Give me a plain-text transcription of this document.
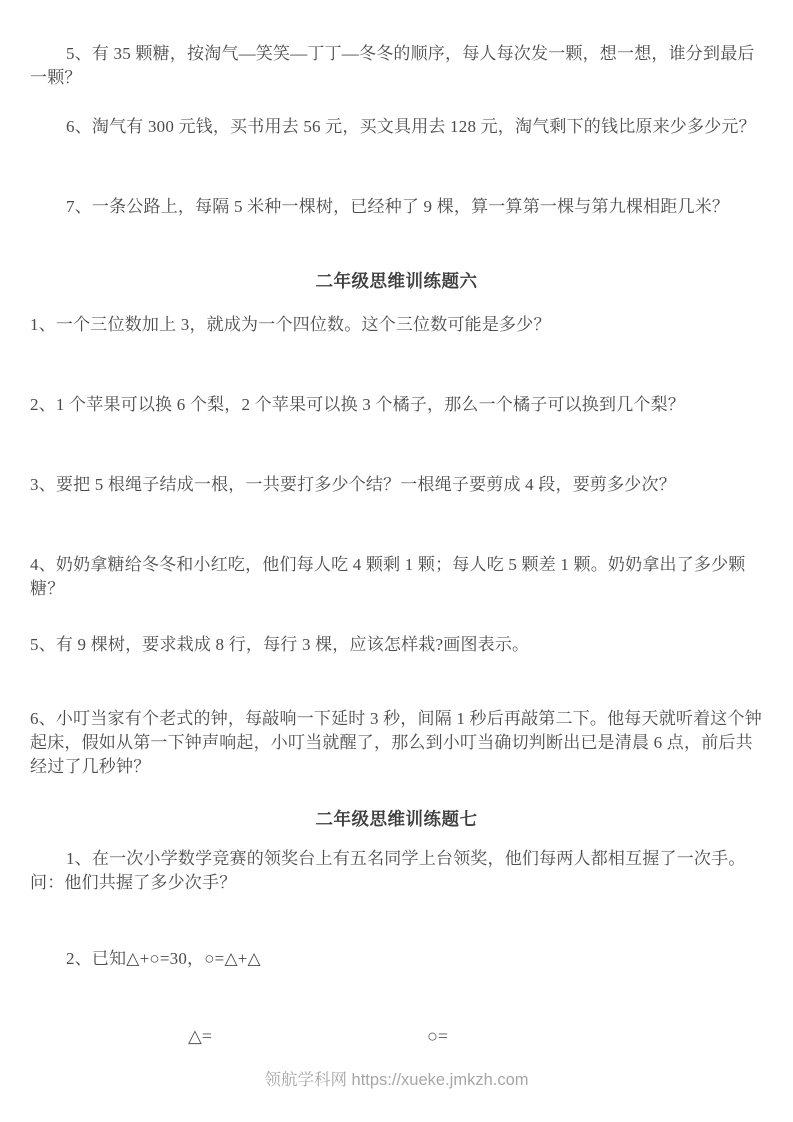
5、有 35 颗糖，按淘气—笑笑—丁丁—冬冬的顺序，每人每次发一颗，想一想，谁分到最后一颗？
6、淘气有 300 元钱，买书用去 56 元，买文具用去 128 元，淘气剩下的钱比原来少多少元？
7、一条公路上，每隔 5 米种一棵树，已经种了 9 棵，算一算第一棵与第九棵相距几米？
二年级思维训练题六
1、一个三位数加上 3，就成为一个四位数。这个三位数可能是多少？
2、1 个苹果可以换 6 个梨，2 个苹果可以换 3 个橘子，那么一个橘子可以换到几个梨？
3、要把 5 根绳子结成一根，一共要打多少个结？一根绳子要剪成 4 段，要剪多少次？
4、奶奶拿糖给冬冬和小红吃，他们每人吃 4 颗剩 1 颗；每人吃 5 颗差 1 颗。奶奶拿出了多少颗糖？
5、有 9 棵树，要求栽成 8 行，每行 3 棵，应该怎样栽?画图表示。
6、小叮当家有个老式的钟，每敲响一下延时 3 秒，间隔 1 秒后再敲第二下。他每天就听着这个钟起床，假如从第一下钟声响起，小叮当就醒了，那么到小叮当确切判断出已是清晨 6 点，前后共经过了几秒钟？
二年级思维训练题七
1、在一次小学数学竞赛的领奖台上有五名同学上台领奖，他们每两人都相互握了一次手。问：他们共握了多少次手？
2、已知△+○=30，○=△+△
△=	○=
领航学科网 https://xueke.jmkzh.com
